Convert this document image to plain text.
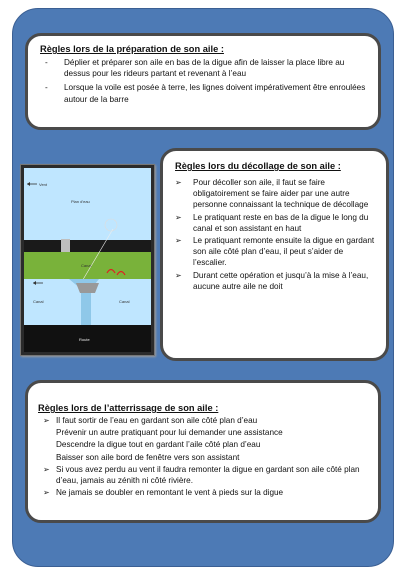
Règles lors de la préparation de son aile :
- Déplier et préparer son aile en bas de la digue afin de laisser la place libre au dessus pour les rideurs partant et revenant à l’eau
- Lorsque la voile est posée à terre, les lignes doivent impérativement être enroulées autour de la barre
Vent
Plan d'eau
Canal
Canal	Canal
Route
Règles lors du décollage de son aile :
➢ Pour décoller son aile, il faut se faire obligatoirement se faire aider par une autre personne connaissant la technique de décollage
➢ Le pratiquant reste en bas de la digue le long du canal et son assistant en haut
➢ Le pratiquant remonte ensuite la digue en gardant son aile côté plan d’eau, il peut s’aider de l’escalier.
➢ Durant cette opération et jusqu’à la mise à l’eau, aucune autre aile ne doit
Règles lors de l’atterrissage de son aile :
➢ Il faut sortir de l’eau en gardant son aile côté plan d’eau
Prévenir un autre pratiquant pour lui demander une assistance
Descendre la digue tout en gardant l’aile côté plan d’eau
Baisser son aile bord de fenêtre vers son assistant
➢ Si vous avez perdu au vent il faudra remonter la digue en gardant son aile côté plan d’eau, jamais au zénith ni côté rivière.
➢ Ne jamais se doubler en remontant le vent à pieds sur la digue
